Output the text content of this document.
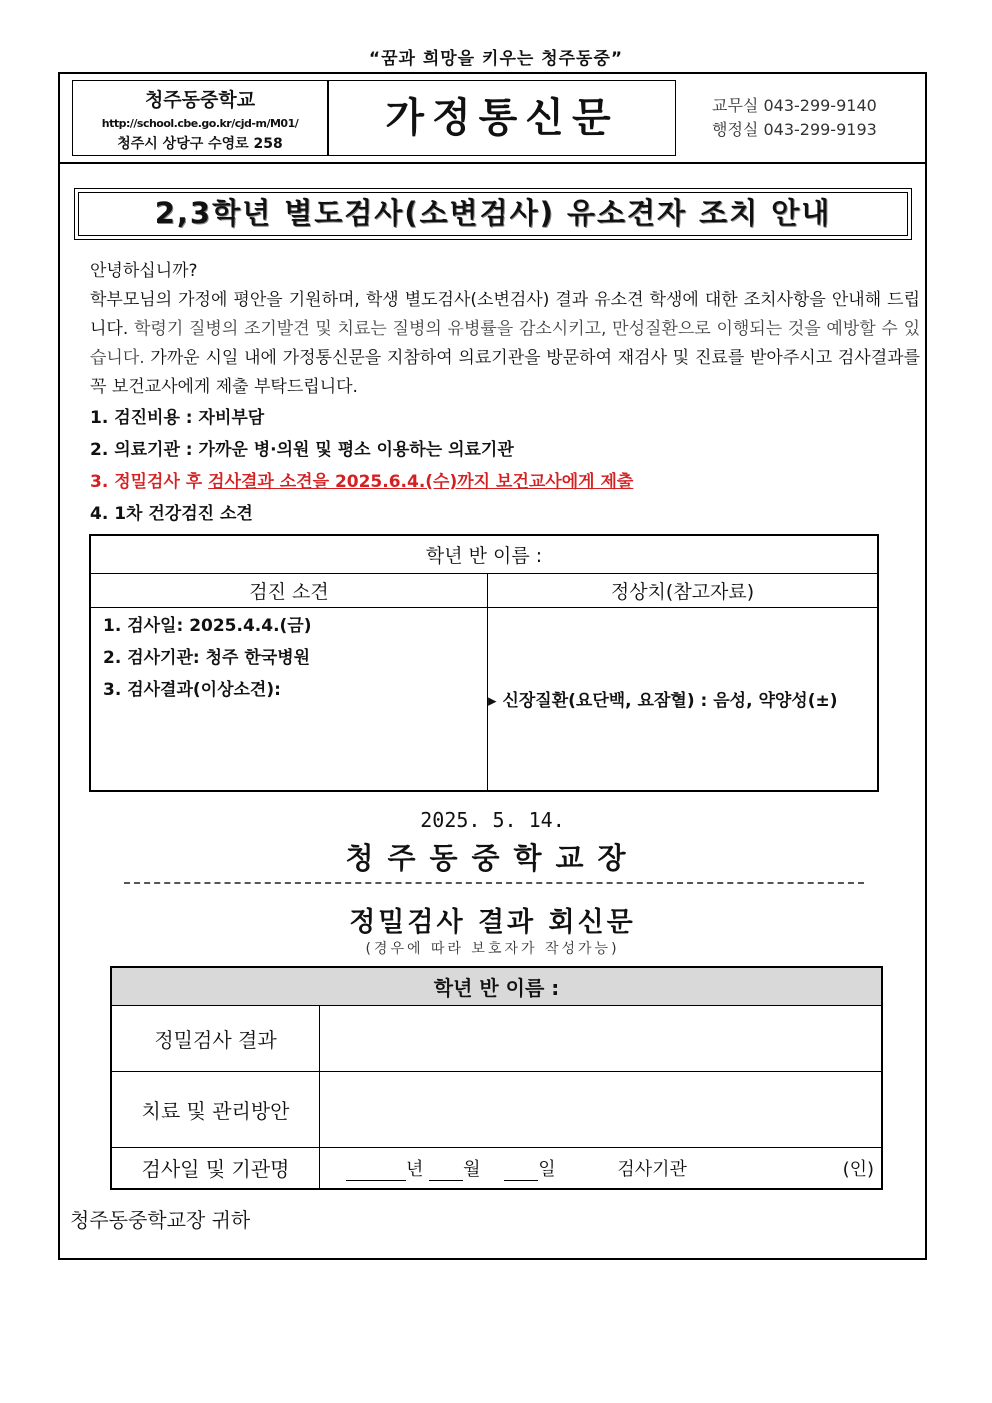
“꿈과 희망을 키우는 청주동중”
청주동중학교
http://school.cbe.go.kr/cjd-m/M01/
청주시 상당구 수영로 258
가정통신문	교무실 043-299-9140
행정실 043-299-9193
2,3학년 별도검사(소변검사) 유소견자 조치 안내

안녕하십니까?

학부모님의 가정에 평안을 기원하며, 학생 별도검사(소변검사) 결과 유소견 학생에 대한 조치사항을 안내해 드립니다. 학령기 질병의 조기발견 및 치료는 질병의 유병률을 감소시키고, 만성질환으로 이행되는 것을 예방할 수 있습니다. 가까운 시일 내에 가정통신문을 지참하여 의료기관을 방문하여 재검사 및 진료를 받아주시고 검사결과를 꼭 보건교사에게 제출 부탁드립니다.

1. 검진비용 : 자비부담
2. 의료기관 : 가까운 병·의원 및 평소 이용하는 의료기관
3. 정밀검사 후 검사결과 소견을 2025.6.4.(수)까지 보건교사에게 제출
4. 1차 건강검진 소견
학년 반 이름 :	
검진 소견	정상치(참고자료)

1. 검사일: 2025.4.4.(금)
2. 검사기관: 청주 한국병원
3. 검사결과(이상소견):	▸ 신장질환(요단백, 요잠혈) : 음성, 약양성(±)
2025. 5. 14.
청주동중학교장
정밀검사 결과 회신문
(경우에 따라 보호자가 작성가능)
학년 반 이름 :	
정밀검사 결과	
치료 및 관리방안	
검사일 및 기관명	년 월 일 검사기관 (인)
청주동중학교장 귀하
